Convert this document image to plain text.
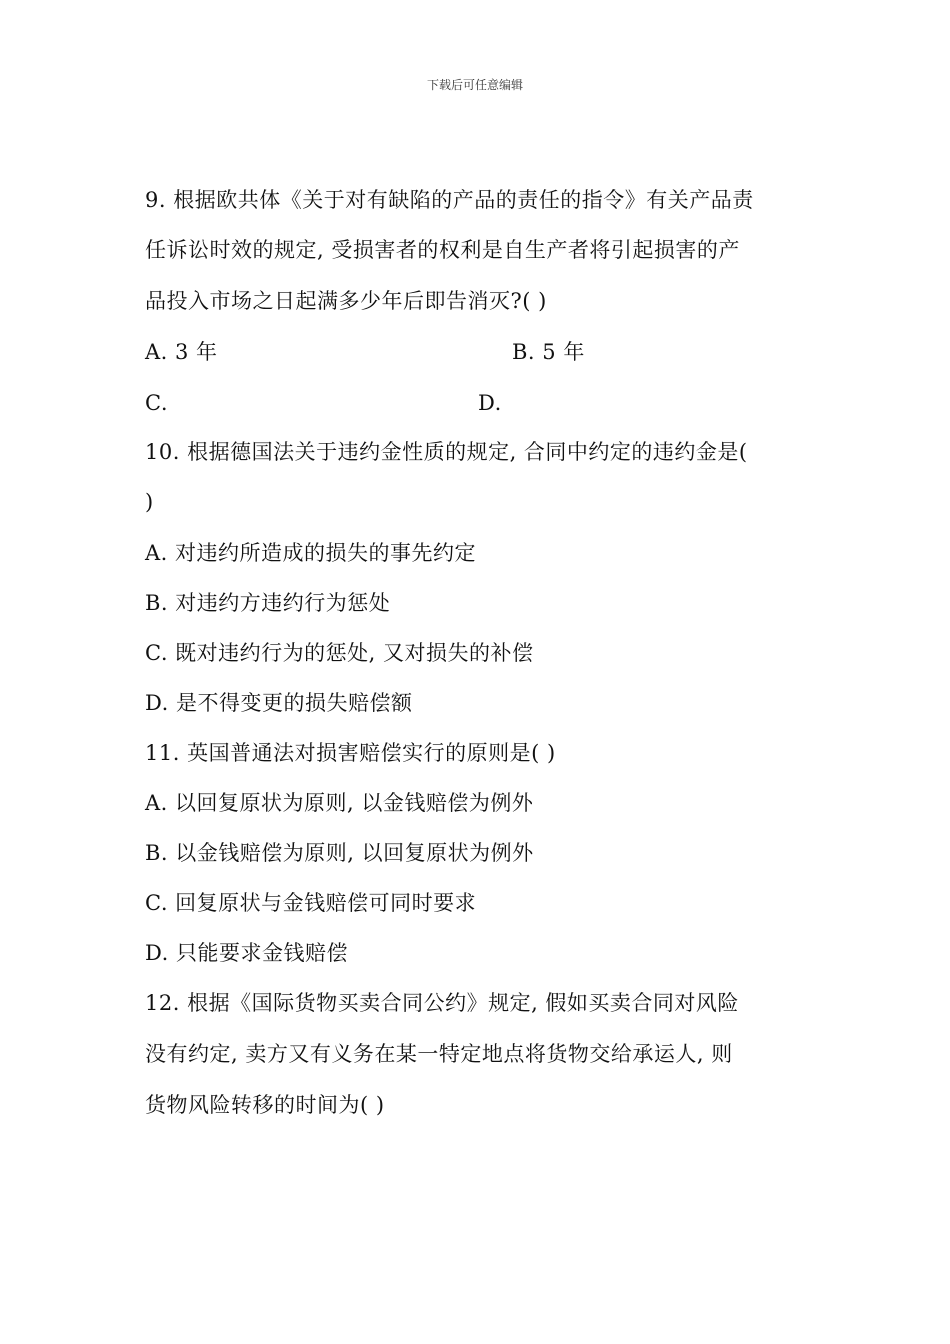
下载后可任意编辑
9. 根据欧共体《关于对有缺陷的产品的责任的指令》有关产品责
任诉讼时效的规定, 受损害者的权利是自生产者将引起损害的产
品投入市场之日起满多少年后即告消灭?( )
A. 3 年	B. 5 年
C.	D.
10. 根据德国法关于违约金性质的规定, 合同中约定的违约金是(
)
A. 对违约所造成的损失的事先约定
B. 对违约方违约行为惩处
C. 既对违约行为的惩处, 又对损失的补偿
D. 是不得变更的损失赔偿额
11. 英国普通法对损害赔偿实行的原则是( )
A. 以回复原状为原则, 以金钱赔偿为例外
B. 以金钱赔偿为原则, 以回复原状为例外
C. 回复原状与金钱赔偿可同时要求
D. 只能要求金钱赔偿
12. 根据《国际货物买卖合同公约》规定, 假如买卖合同对风险
没有约定, 卖方又有义务在某一特定地点将货物交给承运人, 则
货物风险转移的时间为( )
